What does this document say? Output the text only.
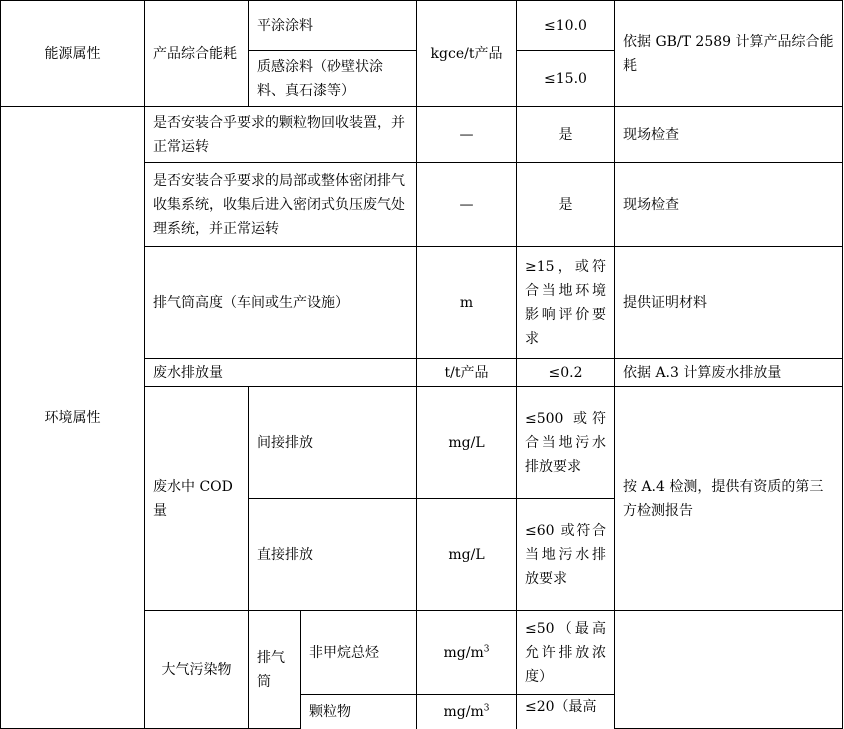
能源属性	产品综合能耗	平涂涂料		kgce/t产品	≤10.0	依据 GB/T 2589 计算产品综合能耗
		质感涂料（砂壁状涂料、真石漆等）			≤15.0	
环境属性	是否安装合乎要求的颗粒物回收装置，并正常运转			—	是	现场检查
	是否安装合乎要求的局部或整体密闭排气收集系统，收集后进入密闭式负压废气处理系统，并正常运转			—	是	现场检查
	排气筒高度（车间或生产设施）			m	≥15，或符合当地环境影响评价要求	提供证明材料
	废水排放量			t/t产品	≤0.2	依据 A.3 计算废水排放量
	废水中 COD 量	间接排放		mg/L	≤500 或符合当地污水排放要求	按 A.4 检测，提供有资质的第三方检测报告
		直接排放		mg/L	≤60 或符合当地污水排放要求	
	大气污染物	排气筒	非甲烷总烃	$mg/m^3$	≤50（最高允许排放浓度）	
			颗粒物	$mg/m^3$	≤20（最高	
